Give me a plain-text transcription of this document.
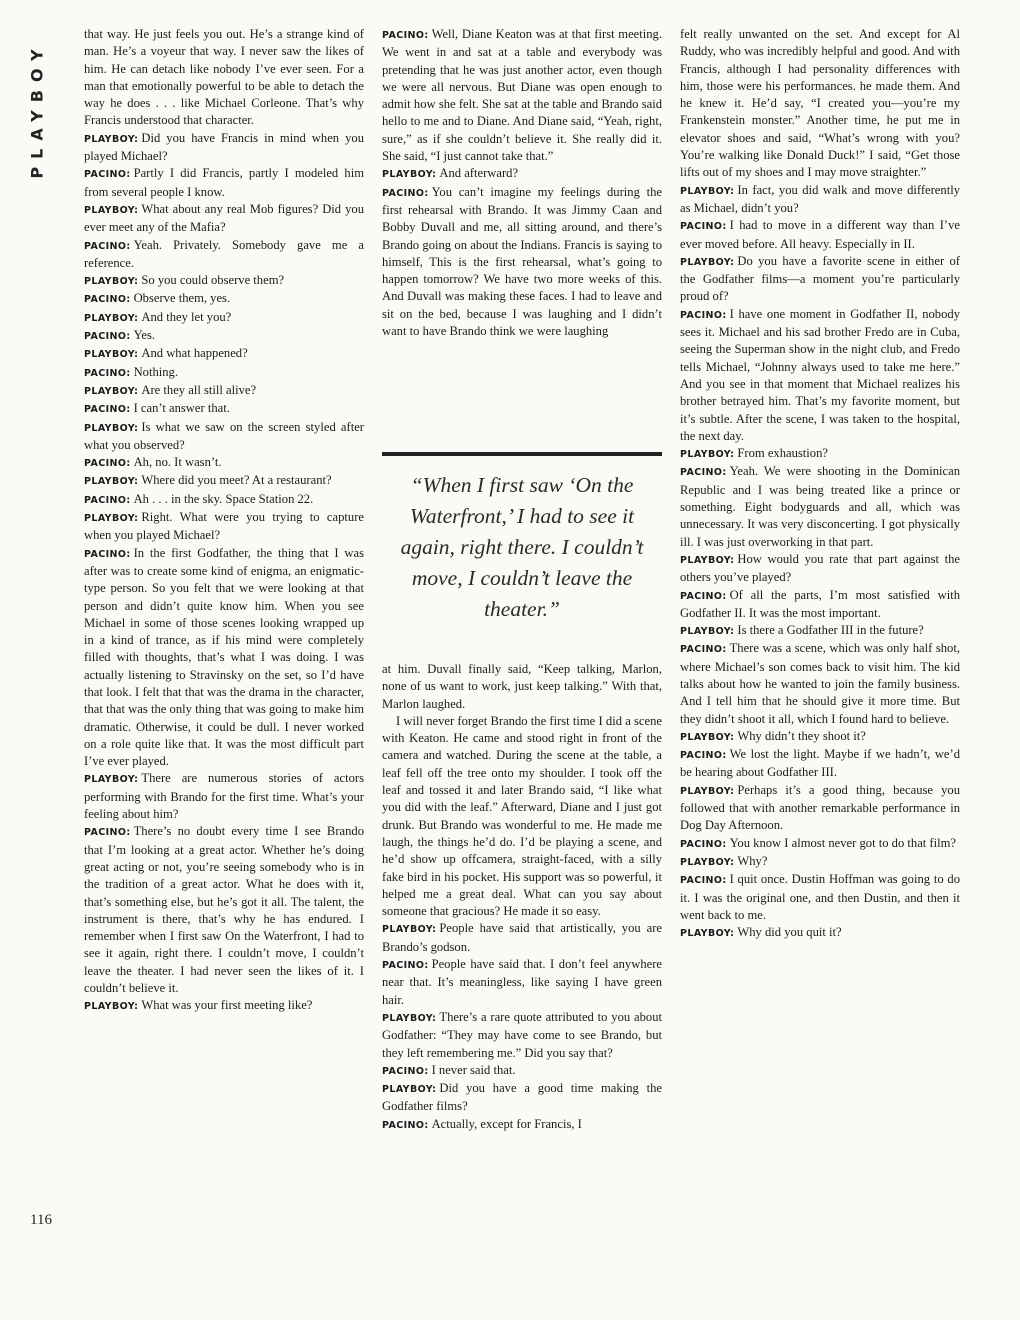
PLAYBOY
116

that way. He just feels you out. He’s a strange kind of man. He’s a voyeur that way. I never saw the likes of him. He can detach like nobody I’ve ever seen. For a man that emotionally powerful to be able to detach the way he does . . . like Michael Corleone. That’s why Francis understood that character.

PLAYBOY: Did you have Francis in mind when you played Michael?

PACINO: Partly I did Francis, partly I modeled him from several people I know.

PLAYBOY: What about any real Mob figures? Did you ever meet any of the Mafia?

PACINO: Yeah. Privately. Somebody gave me a reference.

PLAYBOY: So you could observe them?

PACINO: Observe them, yes.

PLAYBOY: And they let you?

PACINO: Yes.

PLAYBOY: And what happened?

PACINO: Nothing.

PLAYBOY: Are they all still alive?

PACINO: I can’t answer that.

PLAYBOY: Is what we saw on the screen styled after what you observed?

PACINO: Ah, no. It wasn’t.

PLAYBOY: Where did you meet? At a restaurant?

PACINO: Ah . . . in the sky. Space Station 22.

PLAYBOY: Right. What were you trying to capture when you played Michael?

PACINO: In the first Godfather, the thing that I was after was to create some kind of enigma, an enigmatic-type person. So you felt that we were looking at that person and didn’t quite know him. When you see Michael in some of those scenes looking wrapped up in a kind of trance, as if his mind were completely filled with thoughts, that’s what I was doing. I was actually listening to Stravinsky on the set, so I’d have that look. I felt that that was the drama in the character, that that was the only thing that was going to make him dramatic. Otherwise, it could be dull. I never worked on a role quite like that. It was the most difficult part I’ve ever played.

PLAYBOY: There are numerous stories of actors performing with Brando for the first time. What’s your feeling about him?

PACINO: There’s no doubt every time I see Brando that I’m looking at a great actor. Whether he’s doing great acting or not, you’re seeing somebody who is in the tradition of a great actor. What he does with it, that’s something else, but he’s got it all. The talent, the instrument is there, that’s why he has endured. I remember when I first saw On the Waterfront, I had to see it again, right there. I couldn’t move, I couldn’t leave the theater. I had never seen the likes of it. I couldn’t believe it.

PLAYBOY: What was your first meeting like?

PACINO: Well, Diane Keaton was at that first meeting. We went in and sat at a table and everybody was pretending that he was just another actor, even though we were all nervous. But Diane was open enough to admit how she felt. She sat at the table and Brando said hello to me and to Diane. And Diane said, “Yeah, right, sure,” as if she couldn’t believe it. She really did it. She said, “I just cannot take that.”

PLAYBOY: And afterward?

PACINO: You can’t imagine my feelings during the first rehearsal with Brando. It was Jimmy Caan and Bobby Duvall and me, all sitting around, and there’s Brando going on about the Indians. Francis is saying to himself, This is the first rehearsal, what’s going to happen tomorrow? We have two more weeks of this. And Duvall was making these faces. I had to leave and sit on the bed, because I was laughing and I didn’t want to have Brando think we were laughing

“When I first saw ‘On the Waterfront,’ I had to see it again, right there. I couldn’t move, I couldn’t leave the theater.”

at him. Duvall finally said, “Keep talking, Marlon, none of us want to work, just keep talking.” With that, Marlon laughed.

I will never forget Brando the first time I did a scene with Keaton. He came and stood right in front of the camera and watched. During the scene at the table, a leaf fell off the tree onto my shoulder. I took off the leaf and tossed it and later Brando said, “I like what you did with the leaf.” Afterward, Diane and I just got drunk. But Brando was wonderful to me. He made me laugh, the things he’d do. I’d be playing a scene, and he’d show up offcamera, straight-faced, with a silly fake bird in his pocket. His support was so powerful, it helped me a great deal. What can you say about someone that gracious? He made it so easy.

PLAYBOY: People have said that artistically, you are Brando’s godson.

PACINO: People have said that. I don’t feel anywhere near that. It’s meaningless, like saying I have green hair.

PLAYBOY: There’s a rare quote attributed to you about Godfather: “They may have come to see Brando, but they left remembering me.” Did you say that?

PACINO: I never said that.

PLAYBOY: Did you have a good time making the Godfather films?

PACINO: Actually, except for Francis, I

felt really unwanted on the set. And except for Al Ruddy, who was incredibly helpful and good. And with Francis, although I had personality differences with him, those were his performances. he made them. And he knew it. He’d say, “I created you—you’re my Frankenstein monster.” Another time, he put me in elevator shoes and said, “What’s wrong with you? You’re walking like Donald Duck!” I said, “Get those lifts out of my shoes and I may move straighter.”

PLAYBOY: In fact, you did walk and move differently as Michael, didn’t you?

PACINO: I had to move in a different way than I’ve ever moved before. All heavy. Especially in II.

PLAYBOY: Do you have a favorite scene in either of the Godfather films—a moment you’re particularly proud of?

PACINO: I have one moment in Godfather II, nobody sees it. Michael and his sad brother Fredo are in Cuba, seeing the Superman show in the night club, and Fredo tells Michael, “Johnny always used to take me here.” And you see in that moment that Michael realizes his brother betrayed him. That’s my favorite moment, but it’s subtle. After the scene, I was taken to the hospital, the next day.

PLAYBOY: From exhaustion?

PACINO: Yeah. We were shooting in the Dominican Republic and I was being treated like a prince or something. Eight bodyguards and all, which was unnecessary. It was very disconcerting. I got physically ill. I was just overworking in that part.

PLAYBOY: How would you rate that part against the others you’ve played?

PACINO: Of all the parts, I’m most satisfied with Godfather II. It was the most important.

PLAYBOY: Is there a Godfather III in the future?

PACINO: There was a scene, which was only half shot, where Michael’s son comes back to visit him. The kid talks about how he wanted to join the family business. And I tell him that he should give it more time. But they didn’t shoot it all, which I found hard to believe.

PLAYBOY: Why didn’t they shoot it?

PACINO: We lost the light. Maybe if we hadn’t, we’d be hearing about Godfather III.

PLAYBOY: Perhaps it’s a good thing, because you followed that with another remarkable performance in Dog Day Afternoon.

PACINO: You know I almost never got to do that film?

PLAYBOY: Why?

PACINO: I quit once. Dustin Hoffman was going to do it. I was the original one, and then Dustin, and then it went back to me.

PLAYBOY: Why did you quit it?
